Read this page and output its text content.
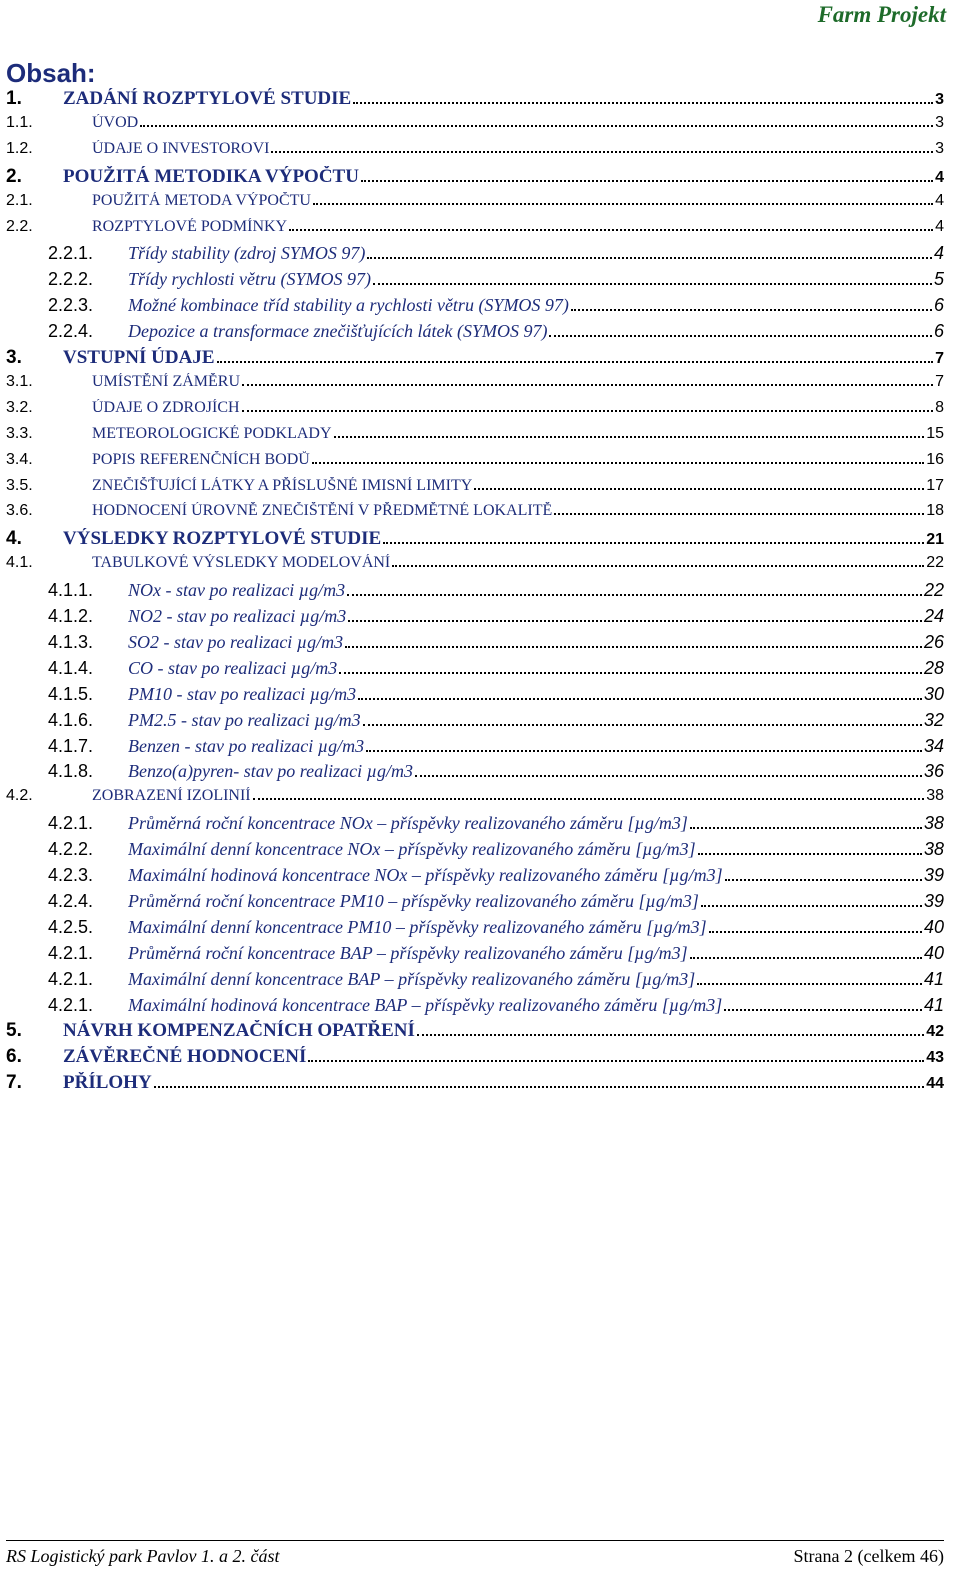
Farm Projekt
Obsah:
1. ZADÁNÍ ROZPTYLOVÉ STUDIE	3
1.1.	ÚVOD	3
1.2.	ÚDAJE O INVESTOROVI	3
2. POUŽITÁ METODIKA VÝPOČTU	4
2.1.	POUŽITÁ METODA VÝPOČTU	4
2.2.	ROZPTYLOVÉ PODMÍNKY	4
2.2.1. Třídy stability (zdroj SYMOS 97)	4
2.2.2. Třídy rychlosti větru (SYMOS 97)	5
2.2.3. Možné kombinace tříd stability a rychlosti větru (SYMOS 97)	6
2.2.4. Depozice a transformace znečišťujících látek (SYMOS 97)	6
3. VSTUPNÍ ÚDAJE	7
3.1.	UMÍSTĚNÍ ZÁMĚRU	7
3.2.	ÚDAJE O ZDROJÍCH	8
3.3.	METEOROLOGICKÉ PODKLADY	15
3.4.	POPIS REFERENČNÍCH BODŮ	16
3.5.	ZNEČIŠŤUJÍCÍ LÁTKY A PŘÍSLUŠNÉ IMISNÍ LIMITY	17
3.6.	HODNOCENÍ ÚROVNĚ ZNEČIŠTĚNÍ V PŘEDMĚTNÉ LOKALITĚ	18
4. VÝSLEDKY ROZPTYLOVÉ STUDIE	21
4.1.	TABULKOVÉ VÝSLEDKY MODELOVÁNÍ	22
4.1.1. NOx - stav po realizaci µg/m3	22
4.1.2. NO2 - stav po realizaci µg/m3	24
4.1.3. SO2 - stav po realizaci µg/m3	26
4.1.4. CO - stav po realizaci µg/m3	28
4.1.5. PM10 - stav po realizaci µg/m3	30
4.1.6. PM2.5 - stav po realizaci µg/m3	32
4.1.7. Benzen - stav po realizaci µg/m3	34
4.1.8. Benzo(a)pyren- stav po realizaci µg/m3	36
4.2.	ZOBRAZENÍ IZOLINIÍ	38
4.2.1. Průměrná roční koncentrace NOx – příspěvky realizovaného záměru [µg/m3]	38
4.2.2. Maximální denní koncentrace NOx – příspěvky realizovaného záměru [µg/m3]	38
4.2.3. Maximální hodinová koncentrace NOx – příspěvky realizovaného záměru [µg/m3]	39
4.2.4. Průměrná roční koncentrace PM10 – příspěvky realizovaného záměru [µg/m3]	39
4.2.5. Maximální denní koncentrace PM10 – příspěvky realizovaného záměru [µg/m3]	40
4.2.1. Průměrná roční koncentrace BAP – příspěvky realizovaného záměru [µg/m3]	40
4.2.1. Maximální denní koncentrace BAP – příspěvky realizovaného záměru [µg/m3]	41
4.2.1. Maximální hodinová koncentrace BAP – příspěvky realizovaného záměru [µg/m3]	41
5. NÁVRH KOMPENZAČNÍCH OPATŘENÍ	42
6. ZÁVĚREČNÉ HODNOCENÍ	43
7. PŘÍLOHY	44
RS Logistický park Pavlov 1. a 2. část	Strana 2 (celkem 46)
